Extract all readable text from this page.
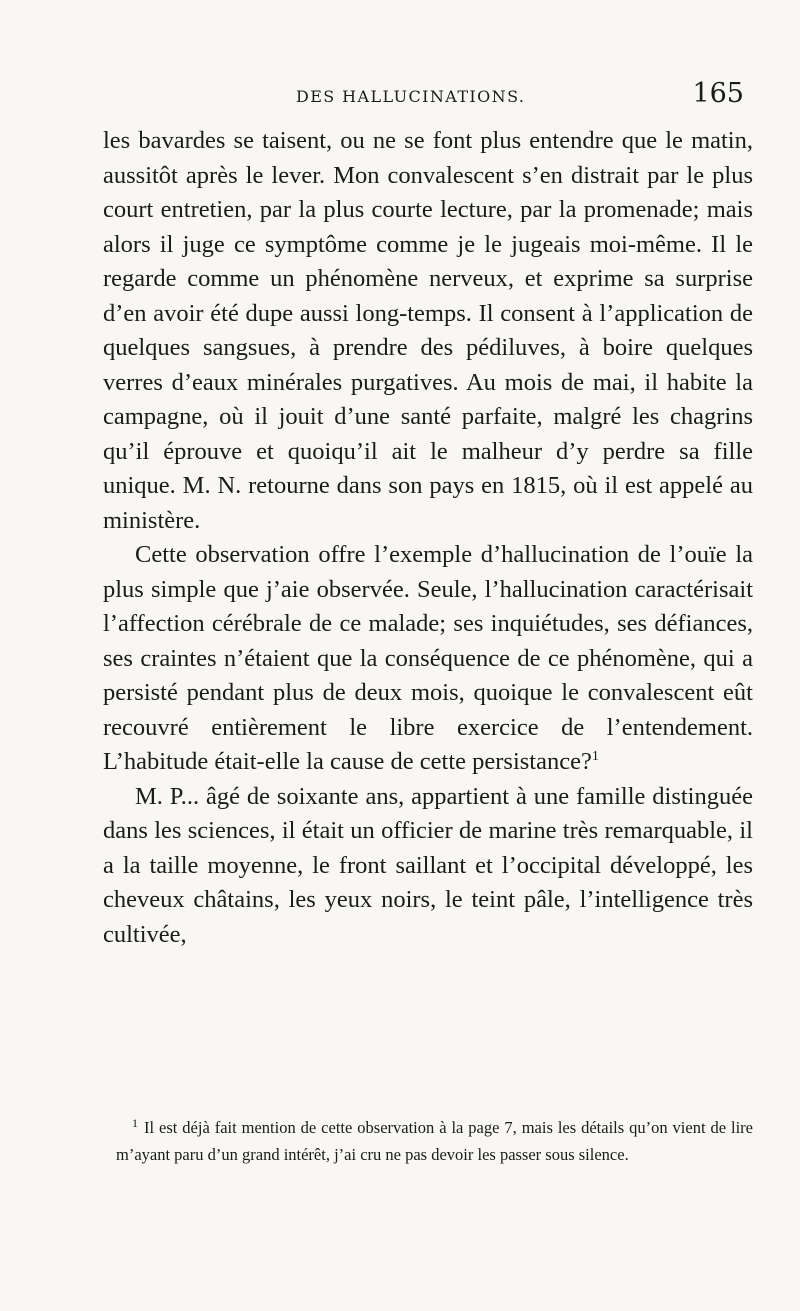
DES HALLUCINATIONS.	165

les bavardes se taisent, ou ne se font plus entendre que le matin, aussitôt après le lever. Mon convalescent s’en distrait par le plus court entretien, par la plus courte lecture, par la promenade; mais alors il juge ce symptôme comme je le jugeais moi-même. Il le regarde comme un phénomène nerveux, et exprime sa surprise d’en avoir été dupe aussi long-temps. Il consent à l’application de quelques sangsues, à prendre des pédiluves, à boire quelques verres d’eaux minérales purgatives. Au mois de mai, il habite la campagne, où il jouit d’une santé parfaite, malgré les chagrins qu’il éprouve et quoiqu’il ait le malheur d’y perdre sa fille unique. M. N. retourne dans son pays en 1815, où il est appelé au ministère.

Cette observation offre l’exemple d’hallucination de l’ouïe la plus simple que j’aie observée. Seule, l’hallucination caractérisait l’affection cérébrale de ce malade; ses inquiétudes, ses défiances, ses craintes n’étaient que la conséquence de ce phénomène, qui a persisté pendant plus de deux mois, quoique le convalescent eût recouvré entièrement le libre exercice de l’entendement. L’habitude était-elle la cause de cette persistance?$^1$

M. P... âgé de soixante ans, appartient à une famille distinguée dans les sciences, il était un officier de marine très remarquable, il a la taille moyenne, le front saillant et l’occipital développé, les cheveux châtains, les yeux noirs, le teint pâle, l’intelligence très cultivée,

$^1$ Il est déjà fait mention de cette observation à la page 7, mais les détails qu’on vient de lire m’ayant paru d’un grand intérêt, j’ai cru ne pas devoir les passer sous silence.
